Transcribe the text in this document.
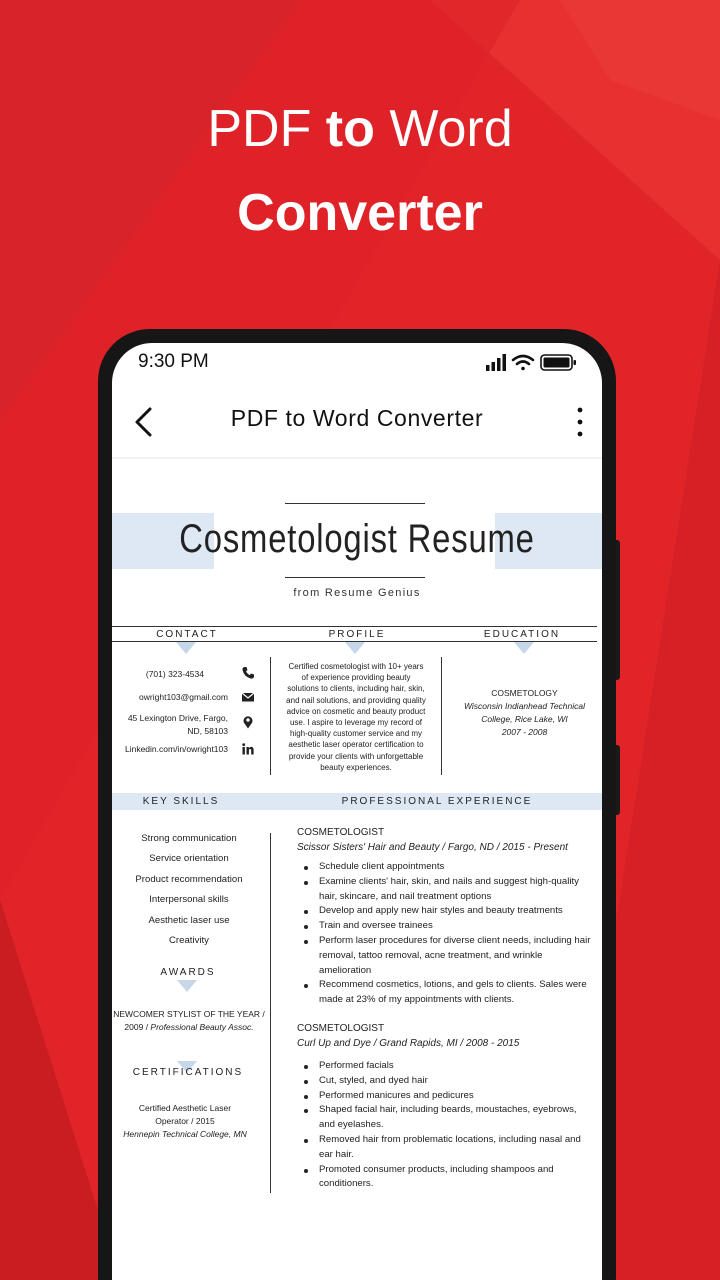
PDF to Word
Converter
9:30 PM
PDF to Word Converter
Cosmetologist Resume
from Resume Genius
CONTACT	PROFILE	EDUCATION
(701) 323-4534
owright103@gmail.com
45 Lexington Drive, Fargo,
ND, 58103
Linkedin.com/in/owright103
Certified cosmetologist with 10+ years
of experience providing beauty
solutions to clients, including hair, skin,
and nail solutions, and providing quality
advice on cosmetic and beauty product
use. I aspire to leverage my record of
high-quality customer service and my
aesthetic laser operator certification to
provide your clients with unforgettable
beauty experiences.
COSMETOLOGY
Wisconsin Indianhead Technical
College, Rice Lake, WI
2007 - 2008
KEY SKILLS	PROFESSIONAL EXPERIENCE
Strong communication
Service orientation
Product recommendation
Interpersonal skills
Aesthetic laser use
Creativity
AWARDS
NEWCOMER STYLIST OF THE YEAR /
2009 / Professional Beauty Assoc.
CERTIFICATIONS
Certified Aesthetic Laser
Operator / 2015
Hennepin Technical College, MN
COSMETOLOGIST
Scissor Sisters' Hair and Beauty / Fargo, ND / 2015 - Present
Schedule client appointments
Examine clients' hair, skin, and nails and suggest high-quality
hair, skincare, and nail treatment options
Develop and apply new hair styles and beauty treatments
Train and oversee trainees
Perform laser procedures for diverse client needs, including hair
removal, tattoo removal, acne treatment, and wrinkle
amelioration
Recommend cosmetics, lotions, and gels to clients. Sales were
made at 23% of my appointments with clients.
COSMETOLOGIST
Curl Up and Dye / Grand Rapids, MI / 2008 - 2015
Performed facials
Cut, styled, and dyed hair
Performed manicures and pedicures
Shaped facial hair, including beards, moustaches, eyebrows,
and eyelashes.
Removed hair from problematic locations, including nasal and
ear hair.
Promoted consumer products, including shampoos and
conditioners.
